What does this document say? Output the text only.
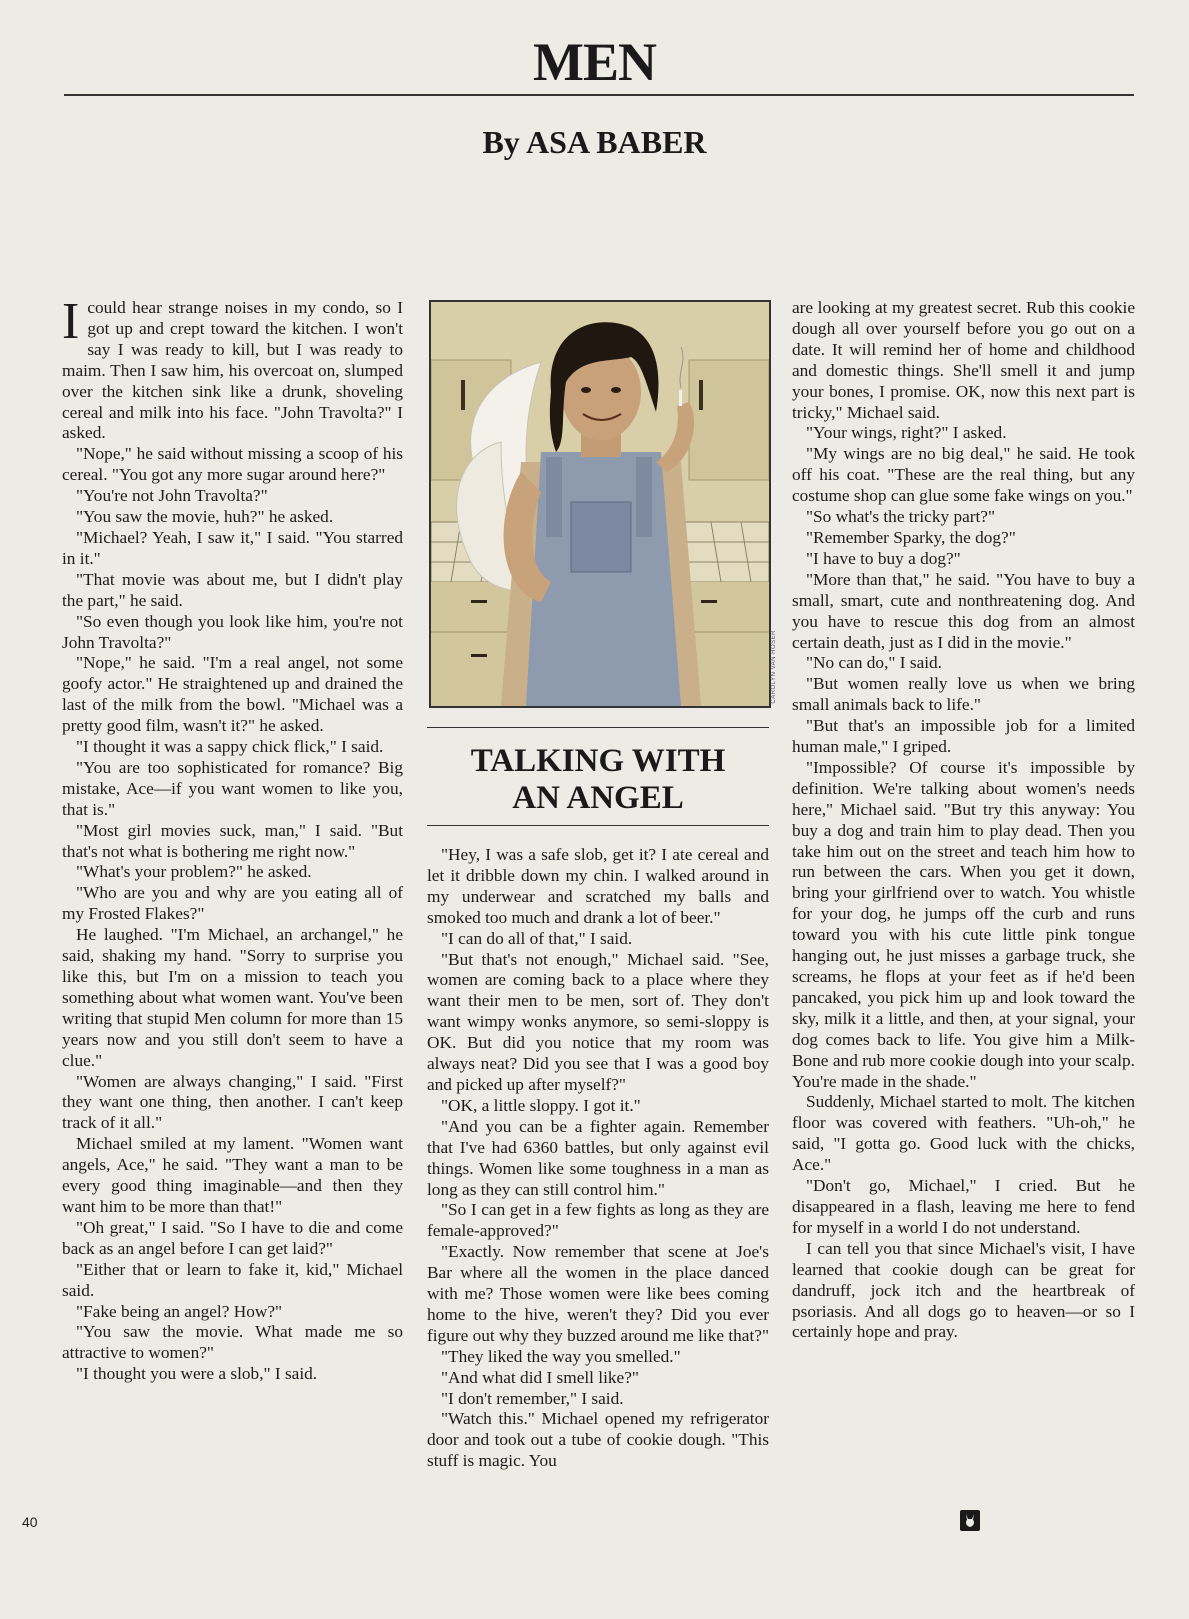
MEN
By ASA BABER

Icould hear strange noises in my condo, so I got up and crept toward the kitchen. I won't say I was ready to kill, but I was ready to maim. Then I saw him, his overcoat on, slumped over the kitchen sink like a drunk, shoveling cereal and milk into his face. "John Travolta?" I asked.

"Nope," he said without missing a scoop of his cereal. "You got any more sugar around here?"

"You're not John Travolta?"

"You saw the movie, huh?" he asked.

"Michael? Yeah, I saw it," I said. "You starred in it."

"That movie was about me, but I didn't play the part," he said.

"So even though you look like him, you're not John Travolta?"

"Nope," he said. "I'm a real angel, not some goofy actor." He straightened up and drained the last of the milk from the bowl. "Michael was a pretty good film, wasn't it?" he asked.

"I thought it was a sappy chick flick," I said.

"You are too sophisticated for romance? Big mistake, Ace—if you want women to like you, that is."

"Most girl movies suck, man," I said. "But that's not what is bothering me right now."

"What's your problem?" he asked.

"Who are you and why are you eating all of my Frosted Flakes?"

He laughed. "I'm Michael, an archangel," he said, shaking my hand. "Sorry to surprise you like this, but I'm on a mission to teach you something about what women want. You've been writing that stupid Men column for more than 15 years now and you still don't seem to have a clue."

"Women are always changing," I said. "First they want one thing, then another. I can't keep track of it all."

Michael smiled at my lament. "Women want angels, Ace," he said. "They want a man to be every good thing imaginable—and then they want him to be more than that!"

"Oh great," I said. "So I have to die and come back as an angel before I can get laid?"

"Either that or learn to fake it, kid," Michael said.

"Fake being an angel? How?"

"You saw the movie. What made me so attractive to women?"

"I thought you were a slob," I said.

CAROLYN VAN HOSER
TALKING WITH
AN ANGEL

"Hey, I was a safe slob, get it? I ate cereal and let it dribble down my chin. I walked around in my underwear and scratched my balls and smoked too much and drank a lot of beer."

"I can do all of that," I said.

"But that's not enough," Michael said. "See, women are coming back to a place where they want their men to be men, sort of. They don't want wimpy wonks anymore, so semi-sloppy is OK. But did you notice that my room was always neat? Did you see that I was a good boy and picked up after myself?"

"OK, a little sloppy. I got it."

"And you can be a fighter again. Remember that I've had 6360 battles, but only against evil things. Women like some toughness in a man as long as they can still control him."

"So I can get in a few fights as long as they are female-approved?"

"Exactly. Now remember that scene at Joe's Bar where all the women in the place danced with me? Those women were like bees coming home to the hive, weren't they? Did you ever figure out why they buzzed around me like that?"

"They liked the way you smelled."

"And what did I smell like?"

"I don't remember," I said.

"Watch this." Michael opened my refrigerator door and took out a tube of cookie dough. "This stuff is magic. You

are looking at my greatest secret. Rub this cookie dough all over yourself before you go out on a date. It will remind her of home and childhood and domestic things. She'll smell it and jump your bones, I promise. OK, now this next part is tricky," Michael said.

"Your wings, right?" I asked.

"My wings are no big deal," he said. He took off his coat. "These are the real thing, but any costume shop can glue some fake wings on you."

"So what's the tricky part?"

"Remember Sparky, the dog?"

"I have to buy a dog?"

"More than that," he said. "You have to buy a small, smart, cute and nonthreatening dog. And you have to rescue this dog from an almost certain death, just as I did in the movie."

"No can do," I said.

"But women really love us when we bring small animals back to life."

"But that's an impossible job for a limited human male," I griped.

"Impossible? Of course it's impossible by definition. We're talking about women's needs here," Michael said. "But try this anyway: You buy a dog and train him to play dead. Then you take him out on the street and teach him how to run between the cars. When you get it down, bring your girlfriend over to watch. You whistle for your dog, he jumps off the curb and runs toward you with his cute little pink tongue hanging out, he just misses a garbage truck, she screams, he flops at your feet as if he'd been pancaked, you pick him up and look toward the sky, milk it a little, and then, at your signal, your dog comes back to life. You give him a Milk-Bone and rub more cookie dough into your scalp. You're made in the shade."

Suddenly, Michael started to molt. The kitchen floor was covered with feathers. "Uh-oh," he said, "I gotta go. Good luck with the chicks, Ace."

"Don't go, Michael," I cried. But he disappeared in a flash, leaving me here to fend for myself in a world I do not understand.

I can tell you that since Michael's visit, I have learned that cookie dough can be great for dandruff, jock itch and the heartbreak of psoriasis. And all dogs go to heaven—or so I certainly hope and pray.

40
